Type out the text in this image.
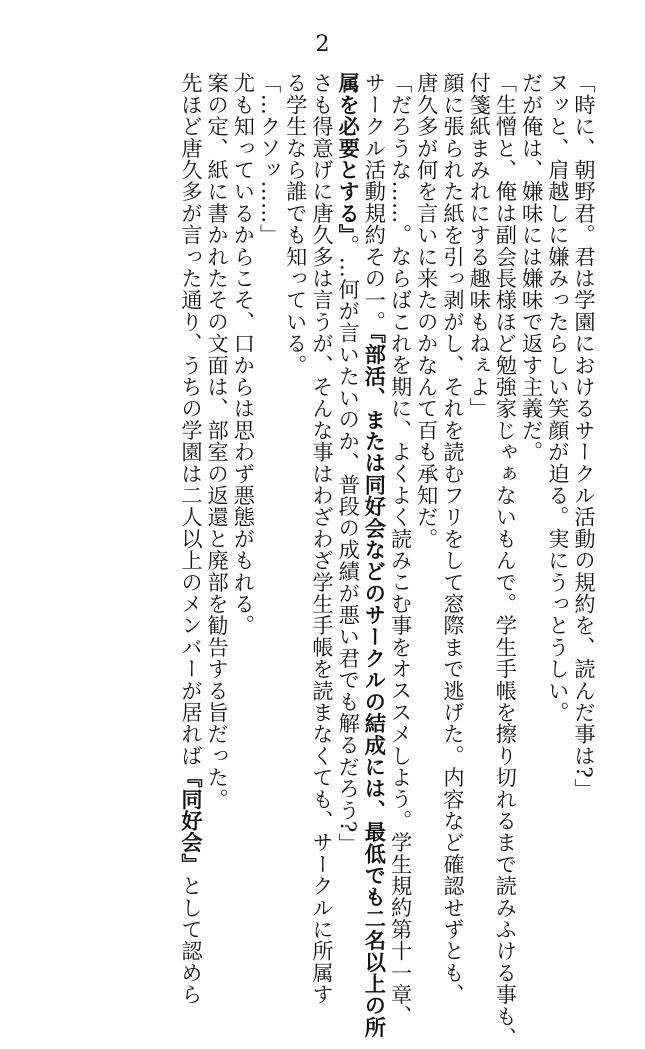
2
「時に、朝野君。君は学園におけるサークル活動の規約を、読んだ事は?」
ヌッと、肩越しに嫌みったらしい笑顔が迫る。実にうっとうしい。
だが俺は、嫌味には嫌味で返す主義だ。
「生憎と、俺は副会長様ほど勉強家じゃぁないもんで。学生手帳を擦り切れるまで読みふける事も、
付箋紙まみれにする趣味もねぇよ」
顔に張られた紙を引っ剥がし、それを読むフリをして窓際まで逃げた。内容など確認せずとも、
唐久多が何を言いに来たのかなんて百も承知だ。
「だろうな……。ならばこれを期に、よくよく読みこむ事をオススメしよう。学生規約第十一章、
サークル活動規約その一。『部活、または同好会などのサークルの結成には、最低でも二名以上の所
属を必要とする』。…何が言いたいのか、普段の成績が悪い君でも解るだろう?」
さも得意げに唐久多は言うが、そんな事はわざわざ学生手帳を読まなくても、サークルに所属す
る学生なら誰でも知っている。
「…クソッ……」
尤も知っているからこそ、口からは思わず悪態がもれる。
案の定、紙に書かれたその文面は、部室の返還と廃部を勧告する旨だった。
先ほど唐久多が言った通り、うちの学園は二人以上のメンバーが居れば『同好会』として認めら
